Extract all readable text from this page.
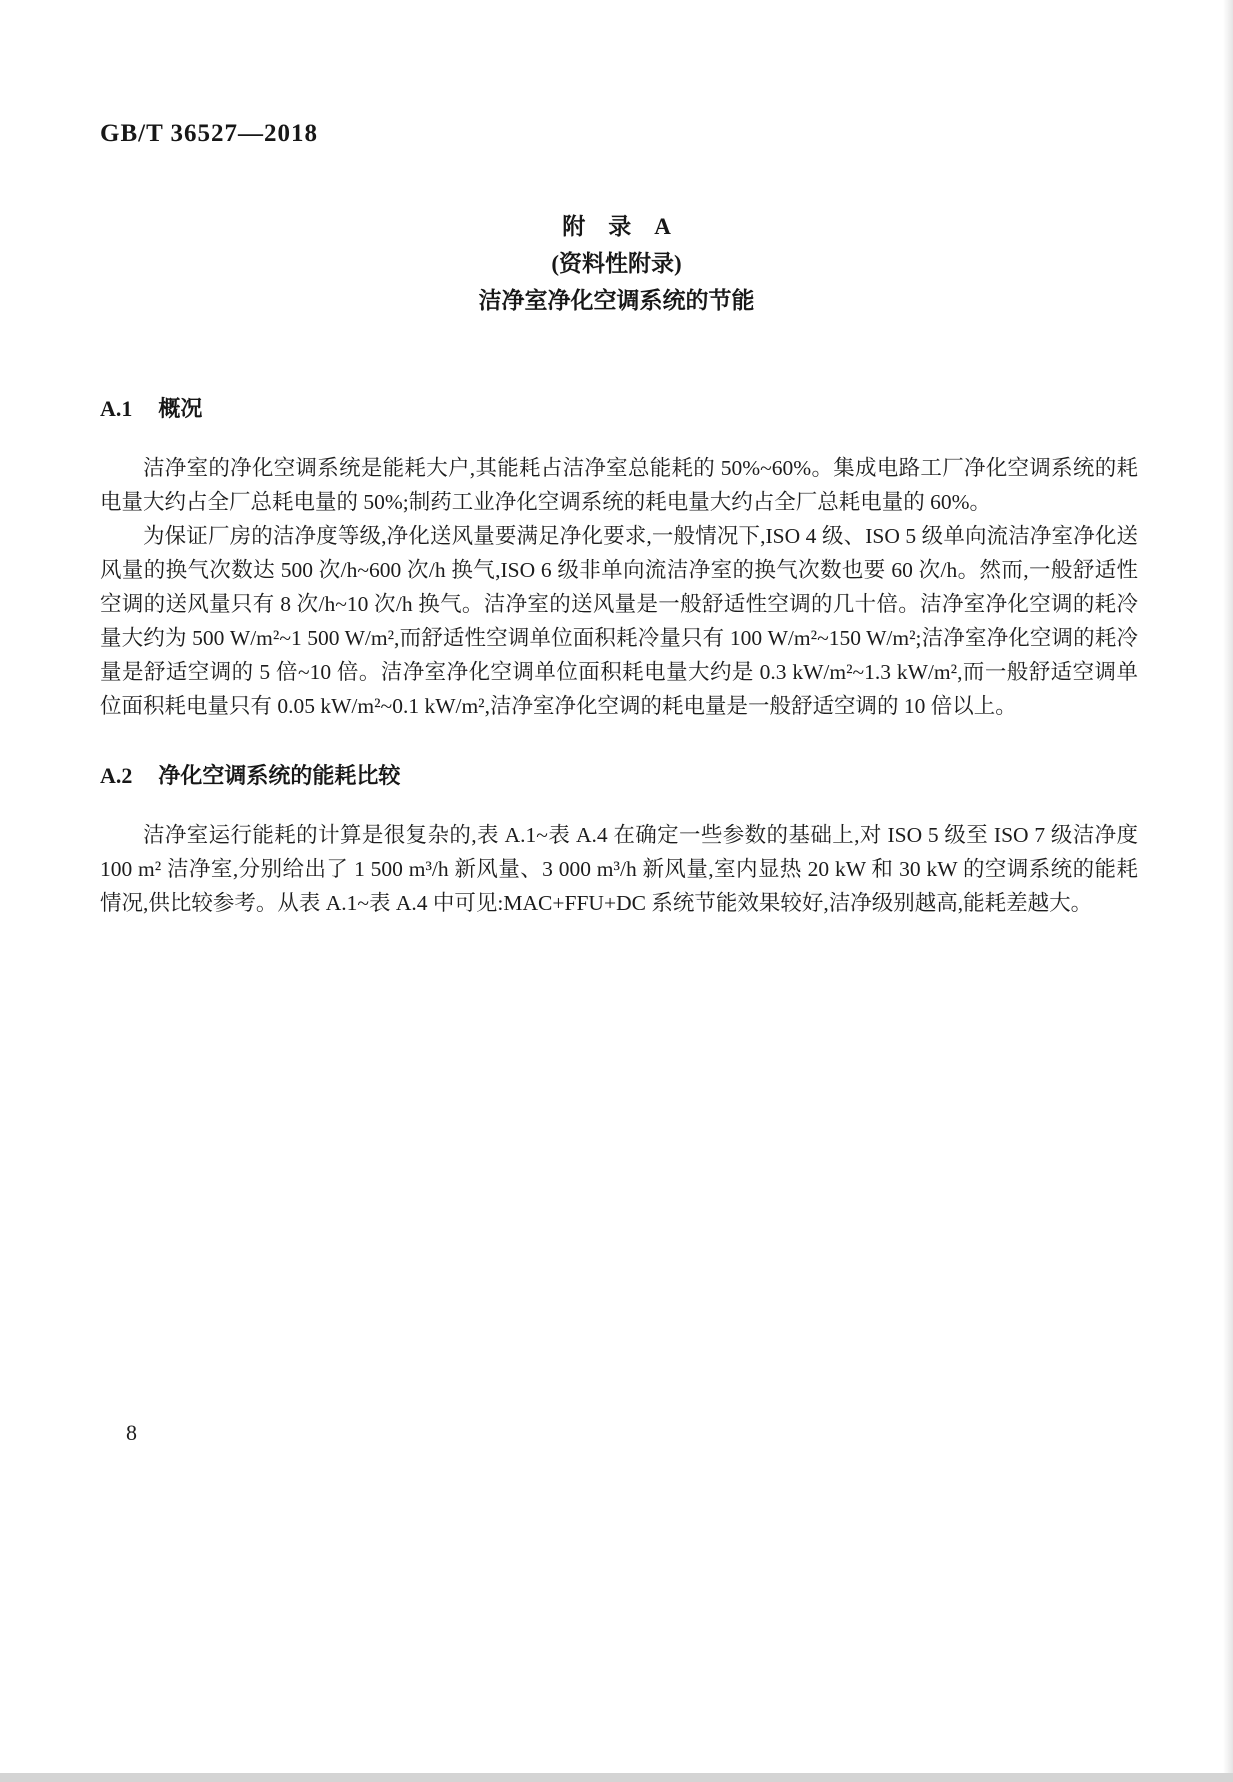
GB/T 36527—2018
附　录　A
(资料性附录)
洁净室净化空调系统的节能
A.1 概况

洁净室的净化空调系统是能耗大户,其能耗占洁净室总能耗的 50%~60%。集成电路工厂净化空调系统的耗电量大约占全厂总耗电量的 50%;制药工业净化空调系统的耗电量大约占全厂总耗电量的 60%。

为保证厂房的洁净度等级,净化送风量要满足净化要求,一般情况下,ISO 4 级、ISO 5 级单向流洁净室净化送风量的换气次数达 500 次/h~600 次/h 换气,ISO 6 级非单向流洁净室的换气次数也要 60 次/h。然而,一般舒适性空调的送风量只有 8 次/h~10 次/h 换气。洁净室的送风量是一般舒适性空调的几十倍。洁净室净化空调的耗冷量大约为 500 W/m²~1 500 W/m²,而舒适性空调单位面积耗冷量只有 100 W/m²~150 W/m²;洁净室净化空调的耗冷量是舒适空调的 5 倍~10 倍。洁净室净化空调单位面积耗电量大约是 0.3 kW/m²~1.3 kW/m²,而一般舒适空调单位面积耗电量只有 0.05 kW/m²~0.1 kW/m²,洁净室净化空调的耗电量是一般舒适空调的 10 倍以上。

A.2 净化空调系统的能耗比较

洁净室运行能耗的计算是很复杂的,表 A.1~表 A.4 在确定一些参数的基础上,对 ISO 5 级至 ISO 7 级洁净度 100 m² 洁净室,分别给出了 1 500 m³/h 新风量、3 000 m³/h 新风量,室内显热 20 kW 和 30 kW 的空调系统的能耗情况,供比较参考。从表 A.1~表 A.4 中可见:MAC+FFU+DC 系统节能效果较好,洁净级别越高,能耗差越大。

8
